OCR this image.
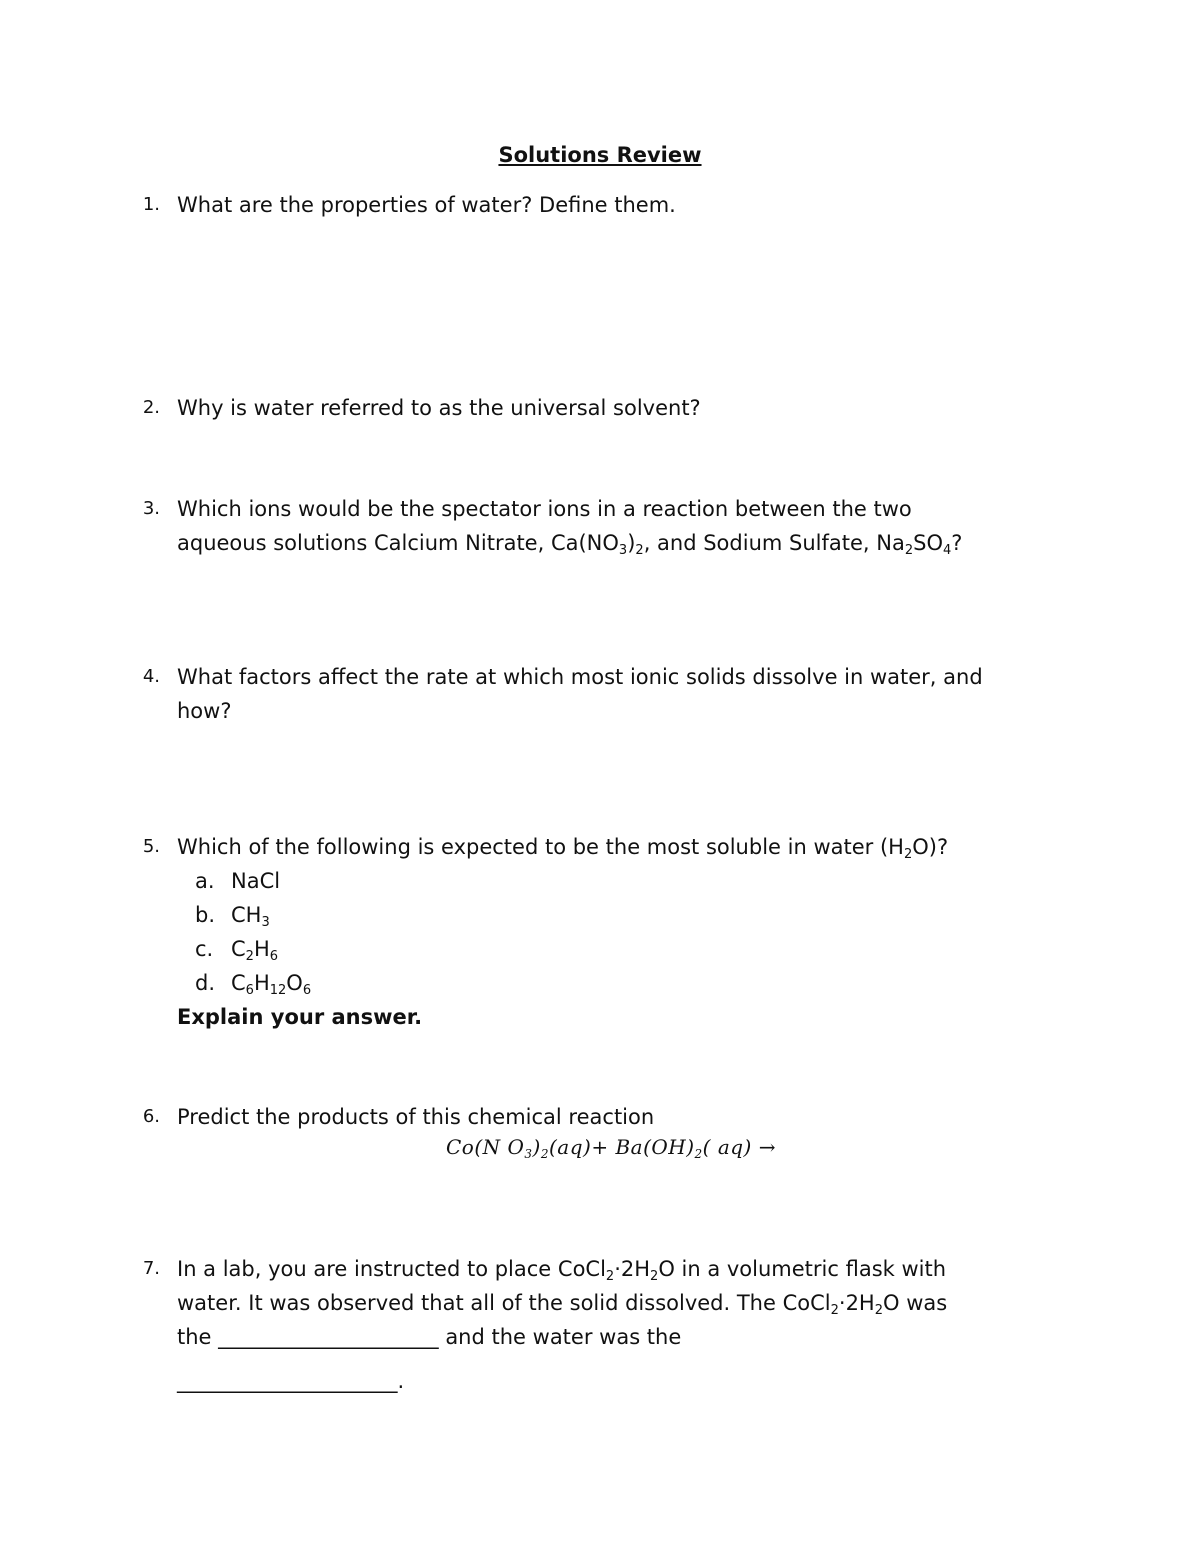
Solutions Review
1. What are the properties of water? Define them.
2. Why is water referred to as the universal solvent?
3. Which ions would be the spectator ions in a reaction between the two
aqueous solutions Calcium Nitrate, $Ca(NO_3)_2$, and Sodium Sulfate, $Na_2SO_4$?
4. What factors affect the rate at which most ionic solids dissolve in water, and
how?
5. Which of the following is expected to be the most soluble in water $(H_2O)$?
a. NaCl
b. $CH_3$
c. $C_2H_6$
d. $C_6H_{12}O_6$
Explain your answer.
6. Predict the products of this chemical reaction
Co(N $O_3)_2(aq)+ Ba(OH)_2$( aq) →
7. In a lab, you are instructed to place $CoCl_2\cdot 2H_2O$ in a volumetric flask with
water. It was observed that all of the solid dissolved. The $CoCl_2\cdot 2H_2O$ was
the _____________________ and the water was the
_____________________.
